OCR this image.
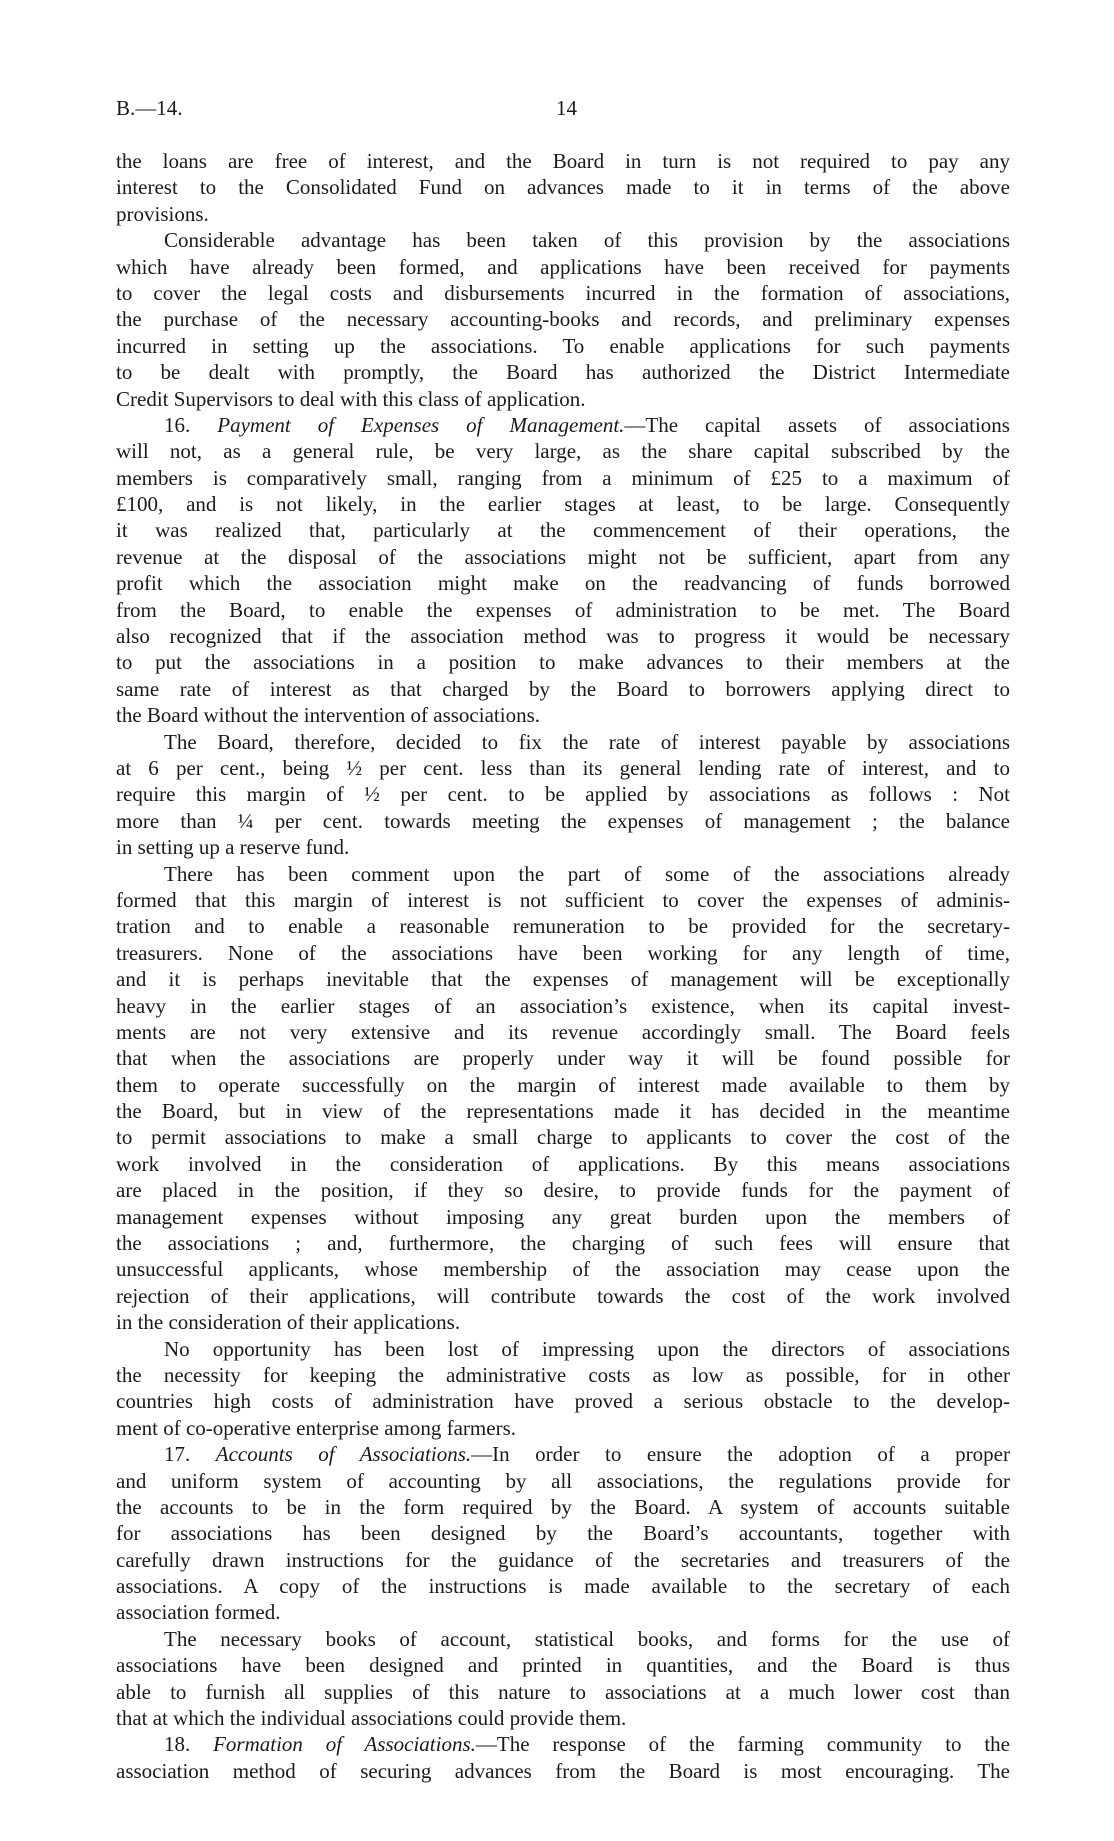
B.—14.	14
the loans are free of interest, and the Board in turn is not required to pay any
interest to the Consolidated Fund on advances made to it in terms of the above
provisions.
Considerable advantage has been taken of this provision by the associations
which have already been formed, and applications have been received for payments
to cover the legal costs and disbursements incurred in the formation of associations,
the purchase of the necessary accounting-books and records, and preliminary expenses
incurred in setting up the associations. To enable applications for such payments
to be dealt with promptly, the Board has authorized the District Intermediate
Credit Supervisors to deal with this class of application.
16. Payment of Expenses of Management.—The capital assets of associations
will not, as a general rule, be very large, as the share capital subscribed by the
members is comparatively small, ranging from a minimum of £25 to a maximum of
£100, and is not likely, in the earlier stages at least, to be large. Consequently
it was realized that, particularly at the commencement of their operations, the
revenue at the disposal of the associations might not be sufficient, apart from any
profit which the association might make on the readvancing of funds borrowed
from the Board, to enable the expenses of administration to be met. The Board
also recognized that if the association method was to progress it would be necessary
to put the associations in a position to make advances to their members at the
same rate of interest as that charged by the Board to borrowers applying direct to
the Board without the intervention of associations.
The Board, therefore, decided to fix the rate of interest payable by associations
at 6 per cent., being ½ per cent. less than its general lending rate of interest, and to
require this margin of ½ per cent. to be applied by associations as follows : Not
more than ¼ per cent. towards meeting the expenses of management ; the balance
in setting up a reserve fund.
There has been comment upon the part of some of the associations already
formed that this margin of interest is not sufficient to cover the expenses of adminis-
tration and to enable a reasonable remuneration to be provided for the secretary-
treasurers. None of the associations have been working for any length of time,
and it is perhaps inevitable that the expenses of management will be exceptionally
heavy in the earlier stages of an association’s existence, when its capital invest-
ments are not very extensive and its revenue accordingly small. The Board feels
that when the associations are properly under way it will be found possible for
them to operate successfully on the margin of interest made available to them by
the Board, but in view of the representations made it has decided in the meantime
to permit associations to make a small charge to applicants to cover the cost of the
work involved in the consideration of applications. By this means associations
are placed in the position, if they so desire, to provide funds for the payment of
management expenses without imposing any great burden upon the members of
the associations ; and, furthermore, the charging of such fees will ensure that
unsuccessful applicants, whose membership of the association may cease upon the
rejection of their applications, will contribute towards the cost of the work involved
in the consideration of their applications.
No opportunity has been lost of impressing upon the directors of associations
the necessity for keeping the administrative costs as low as possible, for in other
countries high costs of administration have proved a serious obstacle to the develop-
ment of co-operative enterprise among farmers.
17. Accounts of Associations.—In order to ensure the adoption of a proper
and uniform system of accounting by all associations, the regulations provide for
the accounts to be in the form required by the Board. A system of accounts suitable
for associations has been designed by the Board’s accountants, together with
carefully drawn instructions for the guidance of the secretaries and treasurers of the
associations. A copy of the instructions is made available to the secretary of each
association formed.
The necessary books of account, statistical books, and forms for the use of
associations have been designed and printed in quantities, and the Board is thus
able to furnish all supplies of this nature to associations at a much lower cost than
that at which the individual associations could provide them.
18. Formation of Associations.—The response of the farming community to the
association method of securing advances from the Board is most encouraging. The
